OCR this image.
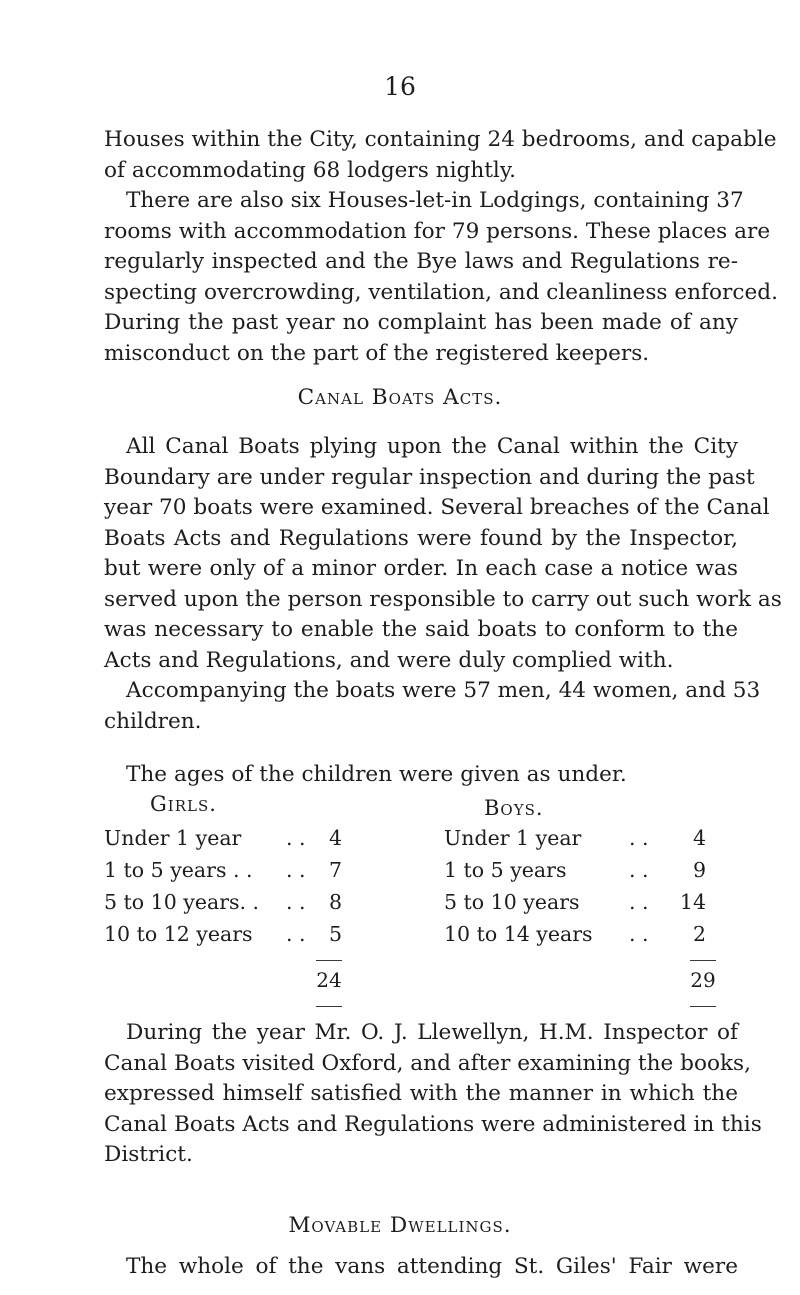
16
Houses within the City, containing 24 bedrooms, and capable
of accommodating 68 lodgers nightly.
There are also six Houses-let-in Lodgings, containing 37
rooms with accommodation for 79 persons. These places are
regularly inspected and the Bye laws and Regulations re-
specting overcrowding, ventilation, and cleanliness enforced.
During the past year no complaint has been made of any
misconduct on the part of the registered keepers.
Canal Boats Acts.
All Canal Boats plying upon the Canal within the City
Boundary are under regular inspection and during the past
year 70 boats were examined. Several breaches of the Canal
Boats Acts and Regulations were found by the Inspector,
but were only of a minor order. In each case a notice was
served upon the person responsible to carry out such work as
was necessary to enable the said boats to conform to the
Acts and Regulations, and were duly complied with.
Accompanying the boats were 57 men, 44 women, and 53
children.
The ages of the children were given as under.
Girls.
Under 1 year . .	4
1 to 5 years . . . .	7
5 to 10 years. . . .	8
10 to 12 years . .	5
24
Boys.
Under 1 year . .	4
1 to 5 years	. .	9
5 to 10 years . .	14
10 to 14 years . .	2
29
During the year Mr. O. J. Llewellyn, H.M. Inspector of
Canal Boats visited Oxford, and after examining the books,
expressed himself satisfied with the manner in which the
Canal Boats Acts and Regulations were administered in this
District.
Movable Dwellings.
The whole of the vans attending St. Giles' Fair were
